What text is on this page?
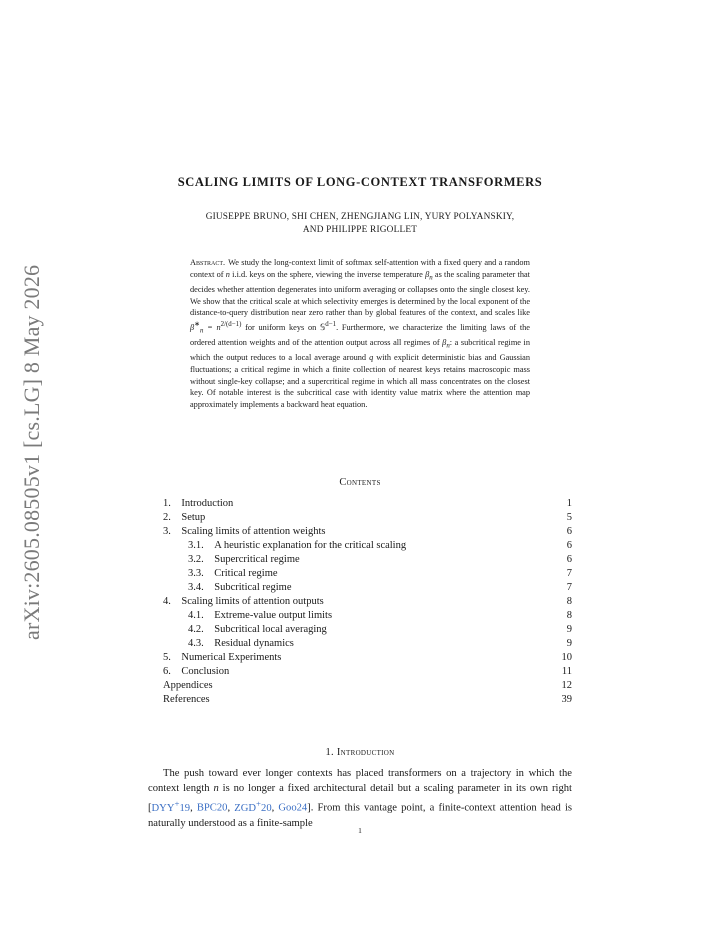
arXiv:2605.08505v1 [cs.LG] 8 May 2026
SCALING LIMITS OF LONG-CONTEXT TRANSFORMERS
GIUSEPPE BRUNO, SHI CHEN, ZHENGJIANG LIN, YURY POLYANSKIY,
AND PHILIPPE RIGOLLET
Abstract. We study the long-context limit of softmax self-attention with a fixed query and a random context of n i.i.d. keys on the sphere, viewing the inverse temperature $\beta_n$ as the scaling parameter that decides whether attention degenerates into uniform averaging or collapses onto the single closest key. We show that the critical scale at which selectivity emerges is determined by the local exponent of the distance-to-query distribution near zero rather than by global features of the context, and scales like $\beta^∗_n = n^{2/(d-1)}$ for uniform keys on 𝕊$^{d-1}$. Furthermore, we characterize the limiting laws of the ordered attention weights and of the attention output across all regimes of $\beta_n$: a subcritical regime in which the output reduces to a local average around q with explicit deterministic bias and Gaussian fluctuations; a critical regime in which a finite collection of nearest keys retains macroscopic mass without single-key collapse; and a supercritical regime in which all mass concentrates on the closest key. Of notable interest is the subcritical case with identity value matrix where the attention map approximately implements a backward heat equation.
Contents
1.  Introduction	1
2.  Setup	5
3.  Scaling limits of attention weights	6
3.1.  A heuristic explanation for the critical scaling	6
3.2.  Supercritical regime	6
3.3.  Critical regime	7
3.4.  Subcritical regime	7
4.  Scaling limits of attention outputs	8
4.1.  Extreme-value output limits	8
4.2.  Subcritical local averaging	9
4.3.  Residual dynamics	9
5.  Numerical Experiments	10
6.  Conclusion	11
Appendices	12
References	39
1. Introduction
The push toward ever longer contexts has placed transformers on a trajectory in which the context length n is no longer a fixed architectural detail but a scaling parameter in its own right [DYY+19, BPC20, ZGD+20, Goo24]. From this vantage point, a finite-context attention head is naturally understood as a finite-sample
1
